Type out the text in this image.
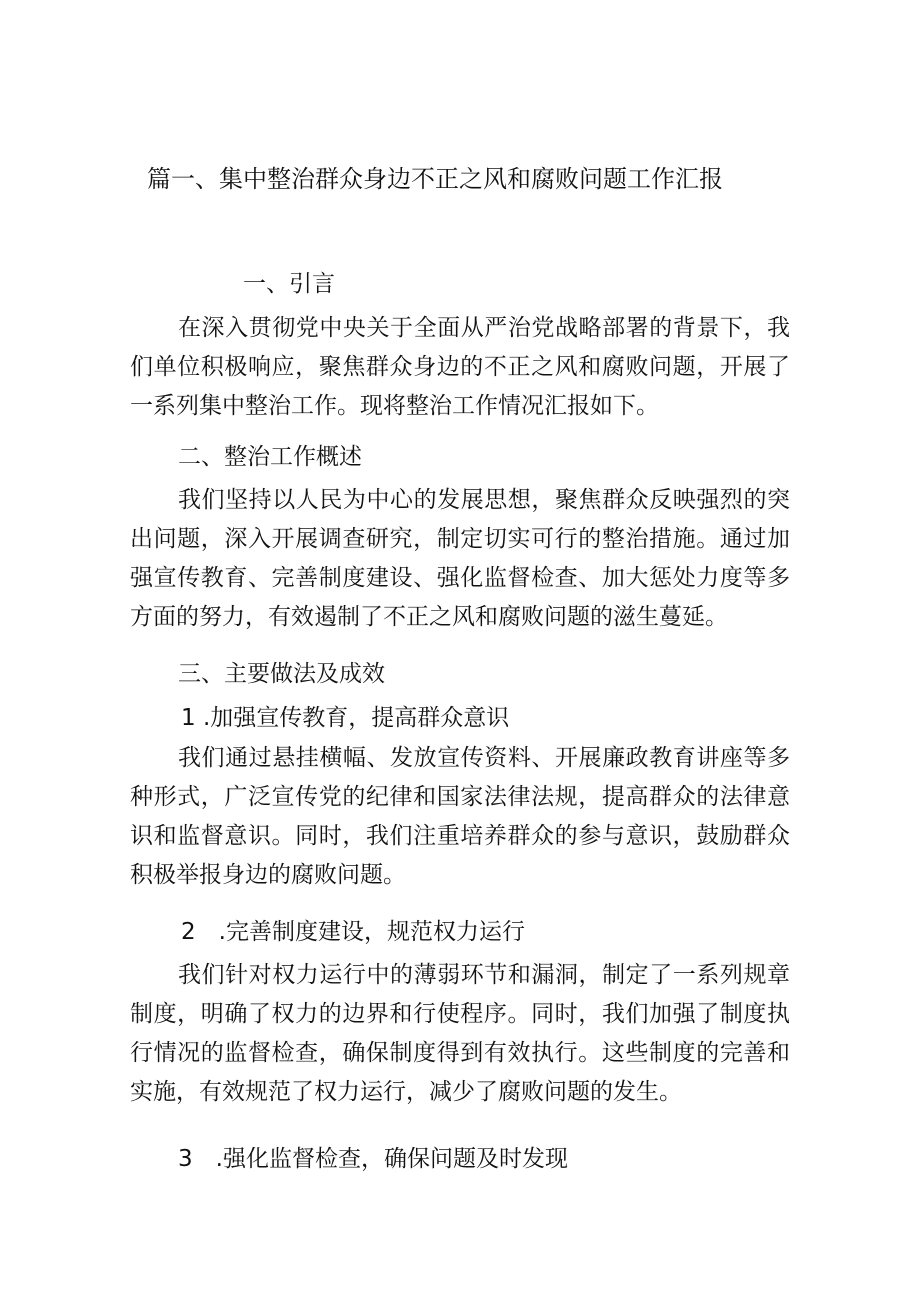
篇一、集中整治群众身边不正之风和腐败问题工作汇报
一、引言

在深入贯彻党中央关于全面从严治党战略部署的背景下，我们单位积极响应，聚焦群众身边的不正之风和腐败问题，开展了一系列集中整治工作。现将整治工作情况汇报如下。

二、整治工作概述

我们坚持以人民为中心的发展思想，聚焦群众反映强烈的突出问题，深入开展调查研究，制定切实可行的整治措施。通过加强宣传教育、完善制度建设、强化监督检查、加大惩处力度等多方面的努力，有效遏制了不正之风和腐败问题的滋生蔓延。

三、主要做法及成效
1 .加强宣传教育，提高群众意识

我们通过悬挂横幅、发放宣传资料、开展廉政教育讲座等多种形式，广泛宣传党的纪律和国家法律法规，提高群众的法律意识和监督意识。同时，我们注重培养群众的参与意识，鼓励群众积极举报身边的腐败问题。

2　.完善制度建设，规范权力运行

我们针对权力运行中的薄弱环节和漏洞，制定了一系列规章制度，明确了权力的边界和行使程序。同时，我们加强了制度执行情况的监督检查，确保制度得到有效执行。这些制度的完善和实施，有效规范了权力运行，减少了腐败问题的发生。

3　.强化监督检查，确保问题及时发现
